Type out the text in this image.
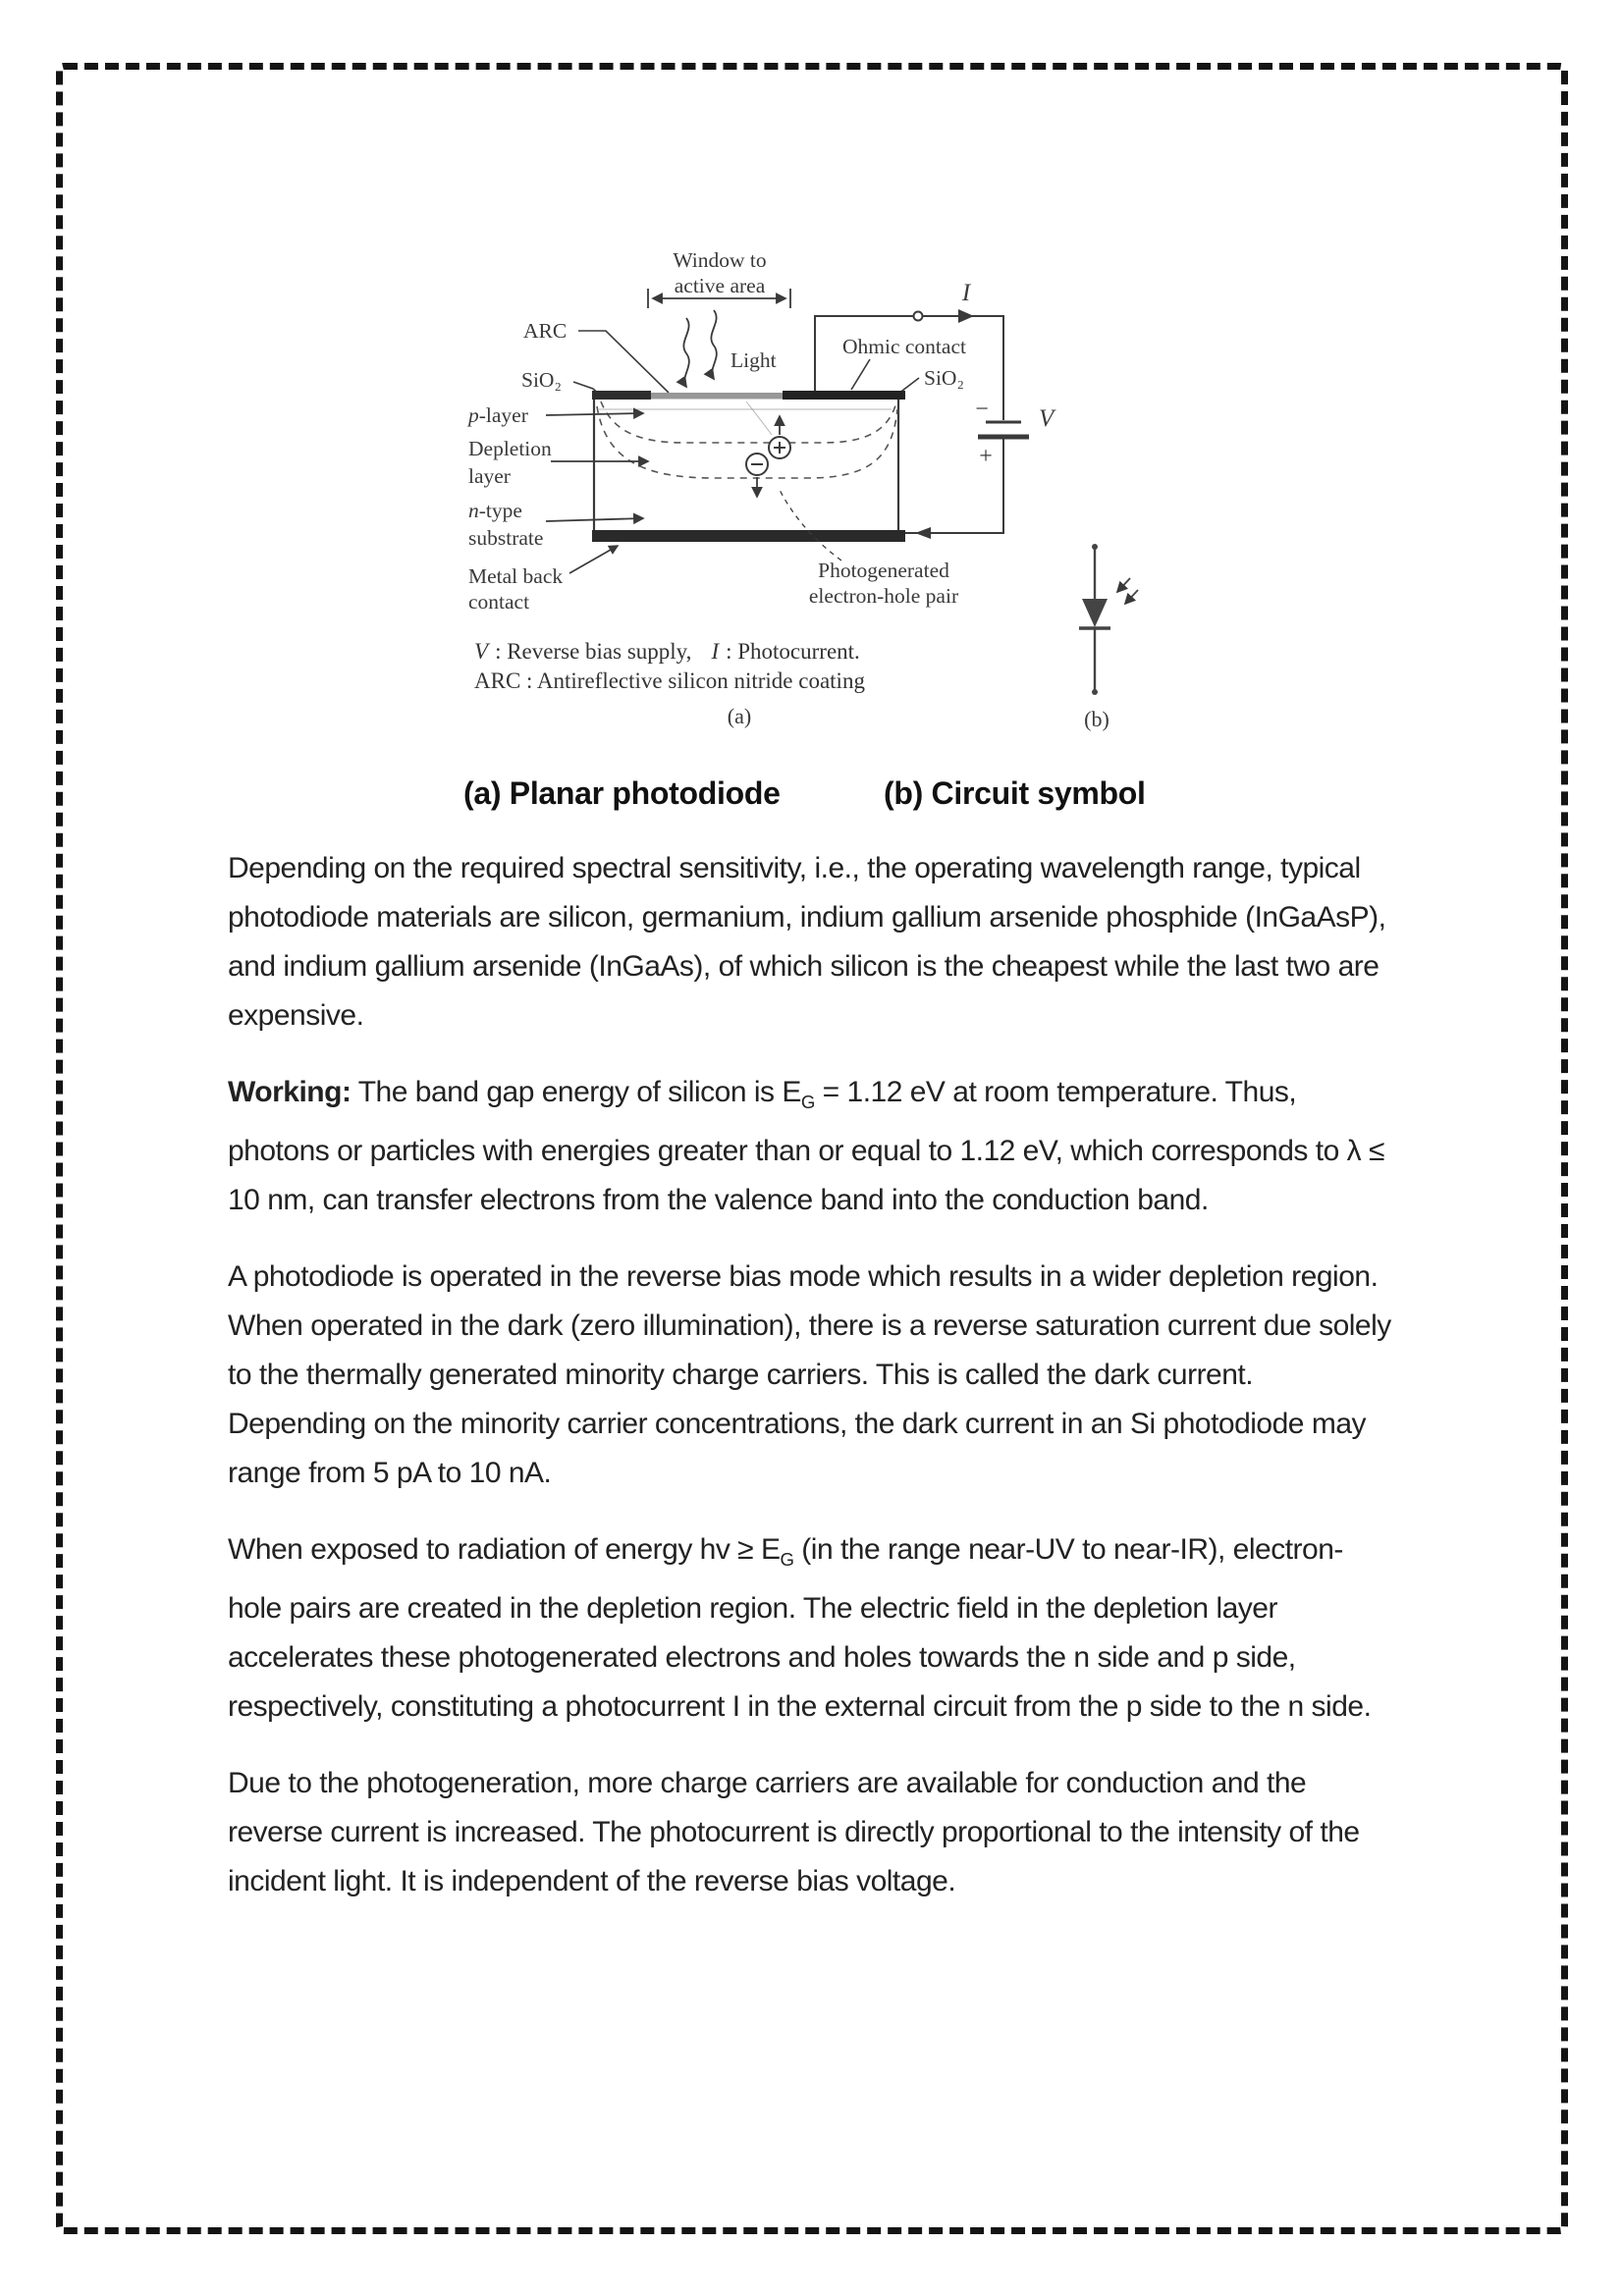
Window to
active area
ARC
SiO₂
Light
Ohmic contact
SiO₂
p-layer
Depletion
layer
n-type
substrate
Metal back
contact
Photogenerated
electron-hole pair
I
−
+
V
V : Reverse bias supply, I : Photocurrent.
ARC : Antireflective silicon nitride coating
(a)	(b)
(a) Planar photodiode	(b) Circuit symbol

Depending on the required spectral sensitivity, i.e., the operating wavelength range, typical photodiode materials are silicon, germanium, indium gallium arsenide phosphide (InGaAsP), and indium gallium arsenide (InGaAs), of which silicon is the cheapest while the last two are expensive.

Working: The band gap energy of silicon is $E_G = 1.12$ eV at room temperature. Thus, photons or particles with energies greater than or equal to 1.12 eV, which corresponds to λ ≤ 10 nm, can transfer electrons from the valence band into the conduction band.

A photodiode is operated in the reverse bias mode which results in a wider depletion region. When operated in the dark (zero illumination), there is a reverse saturation current due solely to the thermally generated minority charge carriers. This is called the dark current. Depending on the minority carrier concentrations, the dark current in an Si photodiode may range from 5 pA to 10 nA.

When exposed to radiation of energy hv ≥ $E_G$ (in the range near-UV to near-IR), electron-hole pairs are created in the depletion region. The electric field in the depletion layer accelerates these photogenerated electrons and holes towards the n side and p side, respectively, constituting a photocurrent I in the external circuit from the p side to the n side.

Due to the photogeneration, more charge carriers are available for conduction and the reverse current is increased. The photocurrent is directly proportional to the intensity of the incident light. It is independent of the reverse bias voltage.
